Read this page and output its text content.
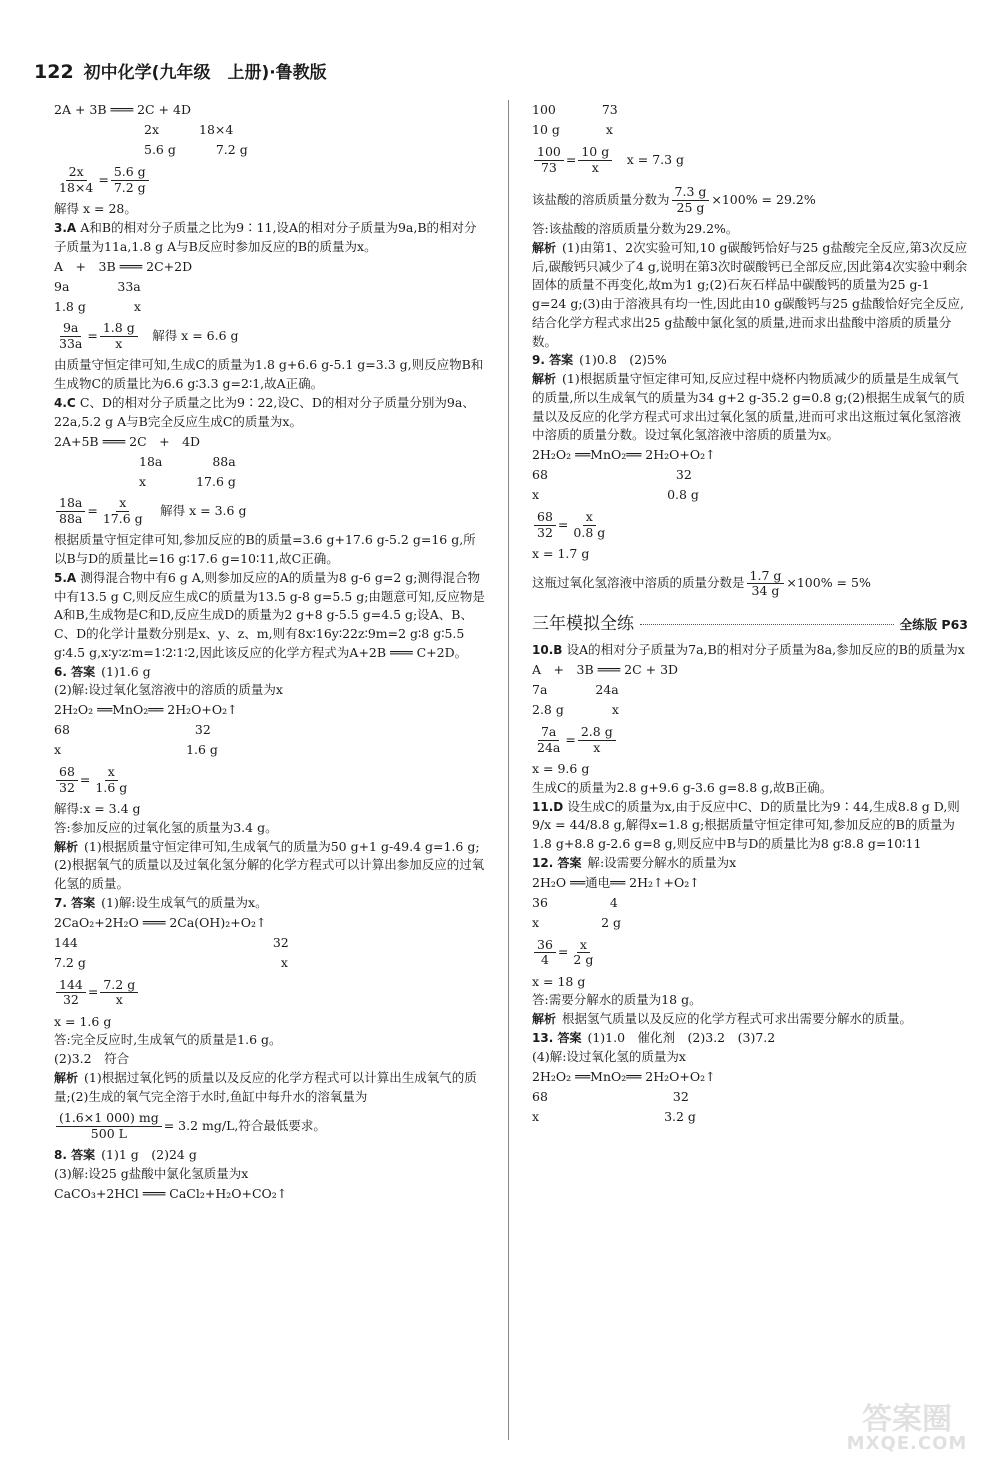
122 初中化学(九年级　上册)·鲁教版
2A + 3B ═══ 2C + 4D
2x	18×4
5.6 g	7.2 g
$\frac{2x}{18\times 4} = \frac{5.6 g}{7.2 g}$

解得 x = 28。

3.A A和B的相对分子质量之比为9∶11,设A的相对分子质量为9a,B的相对分子质量为11a,1.8 g A与B反应时参加反应的B的质量为x。

A　+　3B ═══ 2C+2D
9a	33a
1.8 g	x
$\frac{9a}{33a} = \frac{1.8 g}{x}$ 　解得 x = 6.6 g

由质量守恒定律可知,生成C的质量为1.8 g+6.6 g-5.1 g=3.3 g,则反应物B和生成物C的质量比为6.6 g∶3.3 g=2∶1,故A正确。

4.C C、D的相对分子质量之比为9∶22,设C、D的相对分子质量分别为9a、22a,5.2 g A与B完全反应生成C的质量为x。

2A+5B ═══ 2C　+　4D
18a	88a
x	17.6 g
$\frac{18a}{88a} = \frac{x}{17.6 g}$ 　解得 x = 3.6 g

根据质量守恒定律可知,参加反应的B的质量=3.6 g+17.6 g-5.2 g=16 g,所以B与D的质量比=16 g∶17.6 g=10∶11,故C正确。

5.A 测得混合物中有6 g A,则参加反应的A的质量为8 g-6 g=2 g;测得混合物中有13.5 g C,则反应生成C的质量为13.5 g-8 g=5.5 g;由题意可知,反应物是A和B,生成物是C和D,反应生成D的质量为2 g+8 g-5.5 g=4.5 g;设A、B、C、D的化学计量数分别是x、y、z、m,则有8x∶16y∶22z∶9m=2 g∶8 g∶5.5 g∶4.5 g,x∶y∶z∶m=1∶2∶1∶2,因此该反应的化学方程式为A+2B ═══ C+2D。

6. 答案 (1)1.6 g

(2)解:设过氧化氢溶液中的溶质的质量为x

2H₂O₂ ══MnO₂══ 2H₂O+O₂↑
68	32
x	1.6 g
$\frac{68}{32} = \frac{x}{1.6 g}$

解得:x = 3.4 g

答:参加反应的过氧化氢的质量为3.4 g。

解析 (1)根据质量守恒定律可知,生成氧气的质量为50 g+1 g-49.4 g=1.6 g;(2)根据氧气的质量以及过氧化氢分解的化学方程式可以计算出参加反应的过氧化氢的质量。

7. 答案 (1)解:设生成氧气的质量为x。

2CaO₂+2H₂O ═══ 2Ca(OH)₂+O₂↑
144	32
7.2 g	x
$\frac{144}{32} = \frac{7.2 g}{x}$

x = 1.6 g

答:完全反应时,生成氧气的质量是1.6 g。

(2)3.2　符合

解析 (1)根据过氧化钙的质量以及反应的化学方程式可以计算出生成氧气的质量;(2)生成的氧气完全溶于水时,鱼缸中每升水的溶氧量为

$\frac{(1.6\times 1 000) mg}{500 L} = 3.2$ mg/L,符合最低要求。

8. 答案 (1)1 g　(2)24 g

(3)解:设25 g盐酸中氯化氢质量为x

CaCO₃+2HCl ═══ CaCl₂+H₂O+CO₂↑
100	73
10 g	x
$\frac{100}{73} = \frac{10 g}{x}$ 　x = 7.3 g
该盐酸的溶质质量分数为 $\frac{7.3 g}{25 g} \times 100\% = 29.2\%$

答:该盐酸的溶质质量分数为29.2%。

解析 (1)由第1、2次实验可知,10 g碳酸钙恰好与25 g盐酸完全反应,第3次反应后,碳酸钙只减少了4 g,说明在第3次时碳酸钙已全部反应,因此第4次实验中剩余固体的质量不再变化,故m为1 g;(2)石灰石样品中碳酸钙的质量为25 g-1 g=24 g;(3)由于溶液具有均一性,因此由10 g碳酸钙与25 g盐酸恰好完全反应,结合化学方程式求出25 g盐酸中氯化氢的质量,进而求出盐酸中溶质的质量分数。

9. 答案 (1)0.8　(2)5%

解析 (1)根据质量守恒定律可知,反应过程中烧杯内物质减少的质量是生成氧气的质量,所以生成氧气的质量为34 g+2 g-35.2 g=0.8 g;(2)根据生成氧气的质量以及反应的化学方程式可求出过氧化氢的质量,进而可求出这瓶过氧化氢溶液中溶质的质量分数。设过氧化氢溶液中溶质的质量为x。

2H₂O₂ ══MnO₂══ 2H₂O+O₂↑
68	32
x	0.8 g
$\frac{68}{32} = \frac{x}{0.8 g}$

x = 1.7 g

这瓶过氧化氢溶液中溶质的质量分数是 $\frac{1.7 g}{34 g} \times 100\% = 5\%$
三年模拟全练	全练版 P63

10.B 设A的相对分子质量为7a,B的相对分子质量为8a,参加反应的B的质量为x

A　+　3B ═══ 2C + 3D
7a	24a
2.8 g	x
$\frac{7a}{24a} = \frac{2.8 g}{x}$

x = 9.6 g

生成C的质量为2.8 g+9.6 g-3.6 g=8.8 g,故B正确。

11.D 设生成C的质量为x,由于反应中C、D的质量比为9∶44,生成8.8 g D,则 9/x = 44/8.8 g,解得x=1.8 g;根据质量守恒定律可知,参加反应的B的质量为1.8 g+8.8 g-2.6 g=8 g,则反应中B与D的质量比为8 g∶8.8 g=10∶11

12. 答案 解:设需要分解水的质量为x

2H₂O ══通电══ 2H₂↑+O₂↑
36	4
x	2 g
$\frac{36}{4} = \frac{x}{2 g}$

x = 18 g

答:需要分解水的质量为18 g。

解析 根据氢气质量以及反应的化学方程式可求出需要分解水的质量。

13. 答案 (1)1.0　催化剂　(2)3.2　(3)7.2

(4)解:设过氧化氢的质量为x

2H₂O₂ ══MnO₂══ 2H₂O+O₂↑
68	32
x	3.2 g
答案圈
MXQE.COM
